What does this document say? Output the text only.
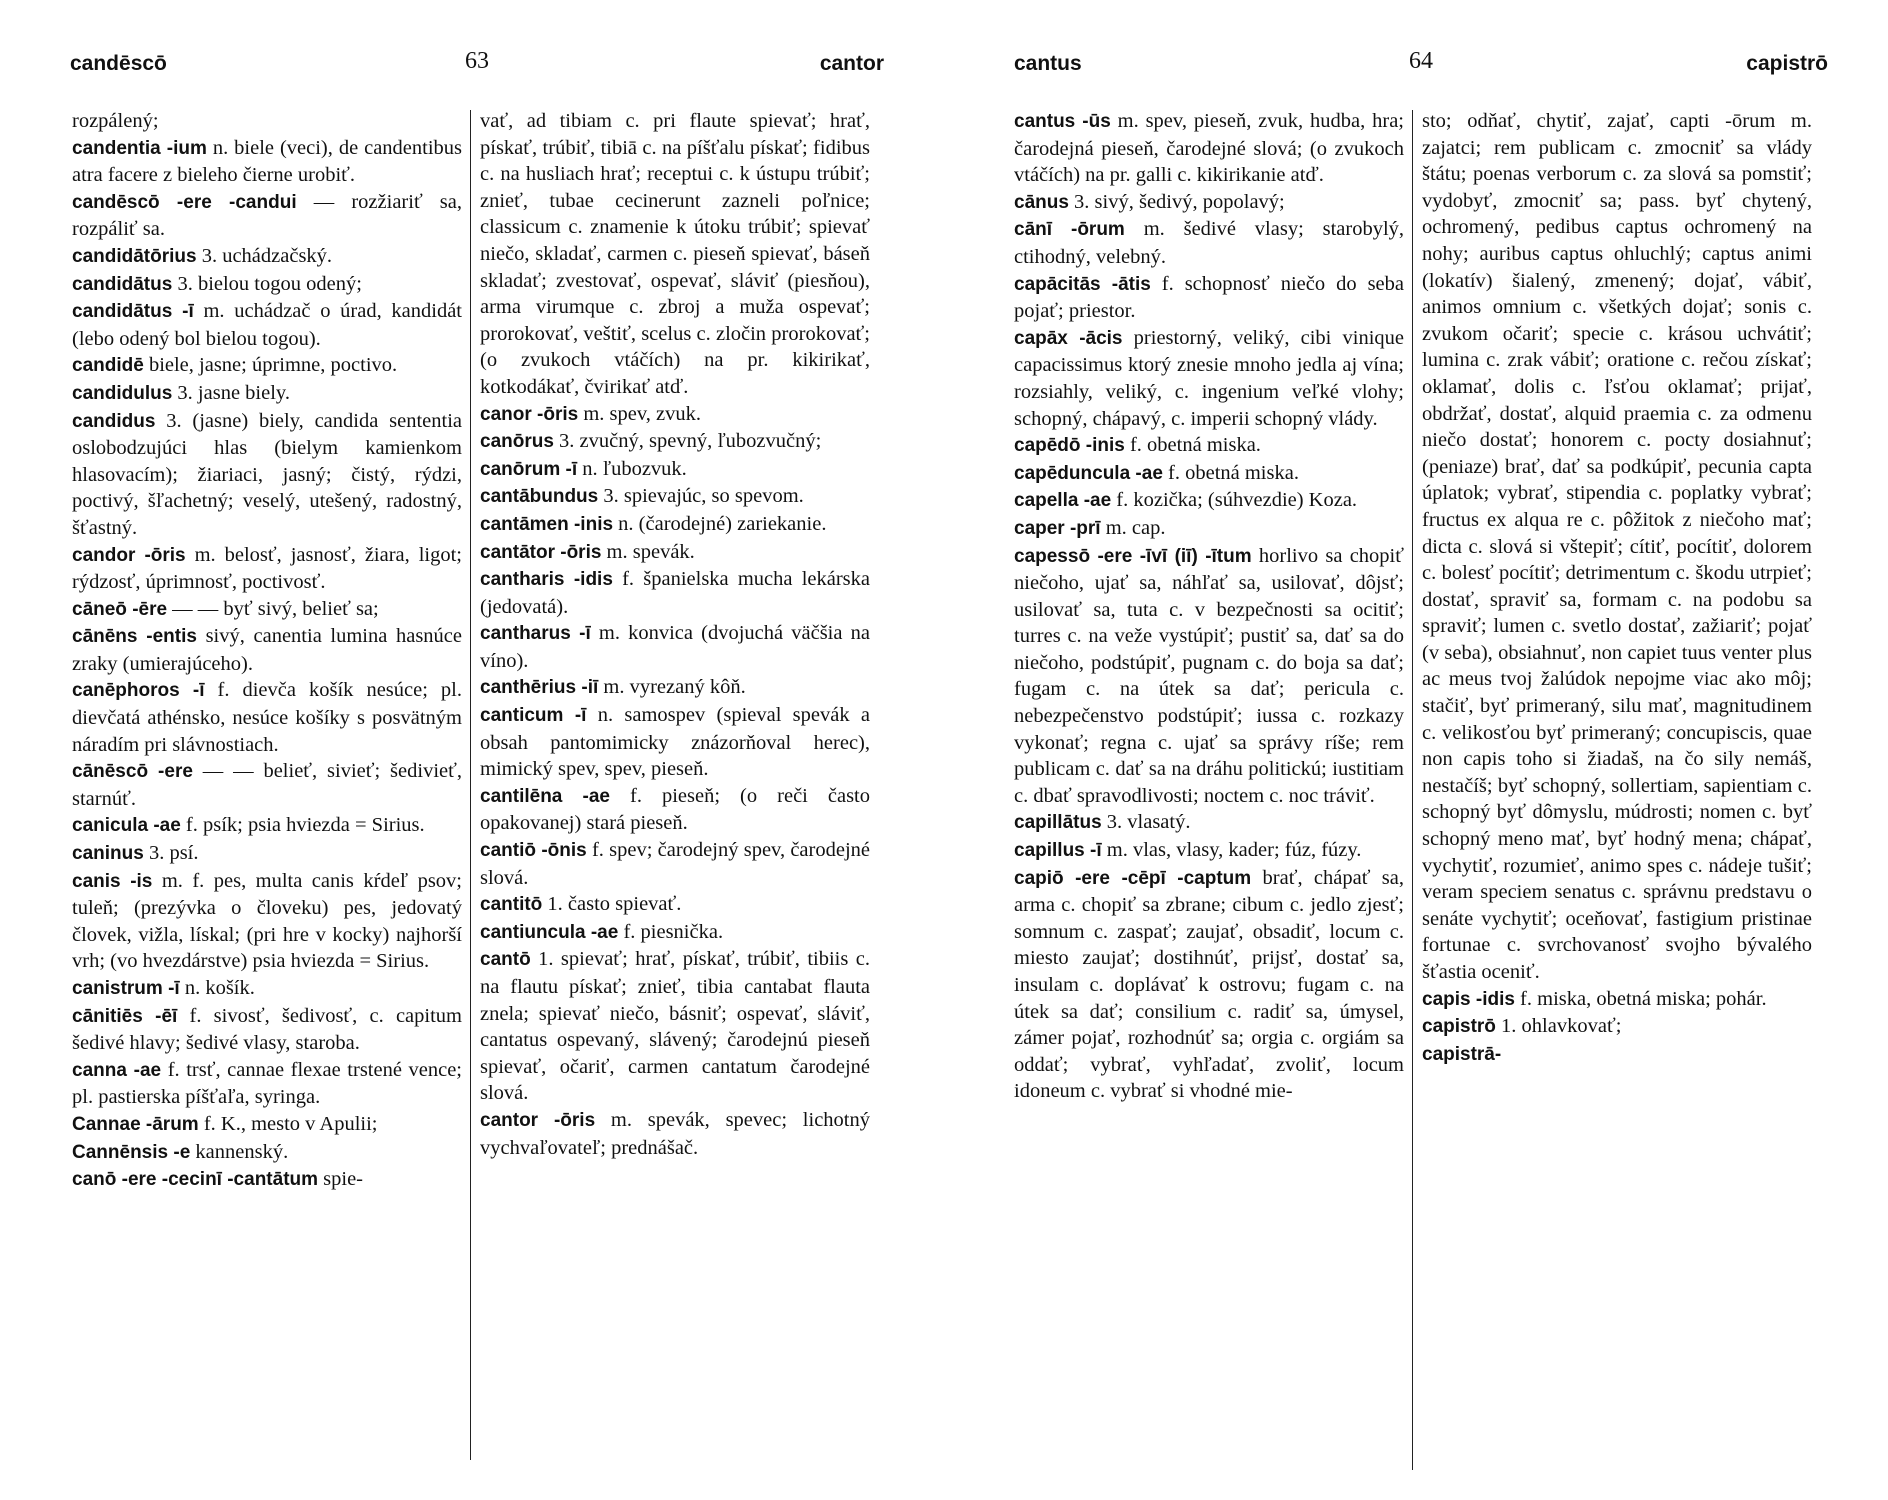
candēscō	63	cantor

rozpálený;

candentia -ium n. biele (veci), de candentibus atra facere z bieleho čierne urobiť.

candēscō -ere -candui — rozžiariť sa, rozpáliť sa.

candidātōrius 3. uchádzačský.

candidātus 3. bielou togou odený;

candidātus -ī m. uchádzač o úrad, kandidát (lebo odený bol bielou togou).

candidē biele, jasne; úprimne, poctivo.

candidulus 3. jasne biely.

candidus 3. (jasne) biely, candida sententia oslobodzujúci hlas (bielym kamienkom hlasovacím); žiariaci, jasný; čistý, rýdzi, poctivý, šľachetný; veselý, utešený, radostný, šťastný.

candor -ōris m. belosť, jasnosť, žiara, ligot; rýdzosť, úprimnosť, poctivosť.

cāneō -ēre — — byť sivý, belieť sa;

cānēns -entis sivý, canentia lumina hasnúce zraky (umierajúceho).

canēphoros -ī f. dievča košík nesúce; pl. dievčatá athénsko, nesúce košíky s posvätným náradím pri slávnostiach.

cānēscō -ere — — belieť, sivieť; šedivieť, starnúť.

canicula -ae f. psík; psia hviezda = Sirius.

caninus 3. psí.

canis -is m. f. pes, multa canis kŕdeľ psov; tuleň; (prezývka o človeku) pes, jedovatý človek, vižla, lískal; (pri hre v kocky) najhorší vrh; (vo hvezdárstve) psia hviezda = Sirius.

canistrum -ī n. košík.

cānitiēs -ēī f. sivosť, šedivosť, c. capitum šedivé hlavy; šedivé vlasy, staroba.

canna -ae f. trsť, cannae flexae trstené vence; pl. pastierska píšťaľa, syringa.

Cannae -ārum f. K., mesto v Apulii;

Cannēnsis -e kannenský.

canō -ere -cecinī -cantātum spie-

vať, ad tibiam c. pri flaute spievať; hrať, pískať, trúbiť, tibiā c. na píšťalu pískať; fidibus c. na husliach hrať; receptui c. k ústupu trúbiť; znieť, tubae cecinerunt zazneli poľnice; classicum c. znamenie k útoku trúbiť; spievať niečo, skladať, carmen c. pieseň spievať, báseň skladať; zvestovať, ospevať, sláviť (piesňou), arma virumque c. zbroj a muža ospevať; prorokovať, veštiť, scelus c. zločin prorokovať; (o zvukoch vtáčích) na pr. kikirikať, kotkodákať, čvirikať atď.

canor -ōris m. spev, zvuk.

canōrus 3. zvučný, spevný, ľubozvučný;

canōrum -ī n. ľubozvuk.

cantābundus 3. spievajúc, so spevom.

cantāmen -inis n. (čarodejné) zariekanie.

cantātor -ōris m. spevák.

cantharis -idis f. španielska mucha lekárska (jedovatá).

cantharus -ī m. konvica (dvojuchá väčšia na víno).

canthērius -iī m. vyrezaný kôň.

canticum -ī n. samospev (spieval spevák a obsah pantomimicky znázorňoval herec), mimický spev, spev, pieseň.

cantilēna -ae f. pieseň; (o reči často opakovanej) stará pieseň.

cantiō -ōnis f. spev; čarodejný spev, čarodejné slová.

cantitō 1. často spievať.

cantiuncula -ae f. piesnička.

cantō 1. spievať; hrať, pískať, trúbiť, tibiis c. na flautu pískať; znieť, tibia cantabat flauta znela; spievať niečo, básniť; ospevať, sláviť, cantatus ospevaný, slávený; čarodejnú pieseň spievať, očariť, carmen cantatum čarodejné slová.

cantor -ōris m. spevák, spevec; lichotný vychvaľovateľ; prednášač.

cantus	64	capistrō

cantus -ūs m. spev, pieseň, zvuk, hudba, hra; čarodejná pieseň, čarodejné slová; (o zvukoch vtáčích) na pr. galli c. kikirikanie atď.

cānus 3. sivý, šedivý, popolavý;

cānī -ōrum m. šedivé vlasy; starobylý, ctihodný, velebný.

capācitās -ātis f. schopnosť niečo do seba pojať; priestor.

capāx -ācis priestorný, veliký, cibi vinique capacissimus ktorý znesie mnoho jedla aj vína; rozsiahly, veliký, c. ingenium veľké vlohy; schopný, chápavý, c. imperii schopný vlády.

capēdō -inis f. obetná miska.

capēduncula -ae f. obetná miska.

capella -ae f. kozička; (súhvezdie) Koza.

caper -prī m. cap.

capessō -ere -īvī (iī) -ītum horlivo sa chopiť niečoho, ujať sa, náhľať sa, usilovať, dôjsť; usilovať sa, tuta c. v bezpečnosti sa ocitiť; turres c. na veže vystúpiť; pustiť sa, dať sa do niečoho, podstúpiť, pugnam c. do boja sa dať; fugam c. na útek sa dať; pericula c. nebezpečenstvo podstúpiť; iussa c. rozkazy vykonať; regna c. ujať sa správy ríše; rem publicam c. dať sa na dráhu politickú; iustitiam c. dbať spravodlivosti; noctem c. noc tráviť.

capillātus 3. vlasatý.

capillus -ī m. vlas, vlasy, kader; fúz, fúzy.

capiō -ere -cēpī -captum brať, chápať sa, arma c. chopiť sa zbrane; cibum c. jedlo zjesť; somnum c. zaspať; zaujať, obsadiť, locum c. miesto zaujať; dostihnúť, prijsť, dostať sa, insulam c. doplávať k ostrovu; fugam c. na útek sa dať; consilium c. radiť sa, úmysel, zámer pojať, rozhodnúť sa; orgia c. orgiám sa oddať; vybrať, vyhľadať, zvoliť, locum idoneum c. vybrať si vhodné mie-

sto; odňať, chytiť, zajať, capti -ōrum m. zajatci; rem publicam c. zmocniť sa vlády štátu; poenas verborum c. za slová sa pomstiť; vydobyť, zmocniť sa; pass. byť chytený, ochromený, pedibus captus ochromený na nohy; auribus captus ohluchlý; captus animi (lokatív) šialený, zmenený; dojať, vábiť, animos omnium c. všetkých dojať; sonis c. zvukom očariť; specie c. krásou uchvátiť; lumina c. zrak vábiť; oratione c. rečou získať; oklamať, dolis c. ľsťou oklamať; prijať, obdržať, dostať, alquid praemia c. za odmenu niečo dostať; honorem c. pocty dosiahnuť; (peniaze) brať, dať sa podkúpiť, pecunia capta úplatok; vybrať, stipendia c. poplatky vybrať; fructus ex alqua re c. pôžitok z niečoho mať; dicta c. slová si vštepiť; cítiť, pocítiť, dolorem c. bolesť pocítiť; detrimentum c. škodu utrpieť; dostať, spraviť sa, formam c. na podobu sa spraviť; lumen c. svetlo dostať, zažiariť; pojať (v seba), obsiahnuť, non capiet tuus venter plus ac meus tvoj žalúdok nepojme viac ako môj; stačiť, byť primeraný, silu mať, magnitudinem c. velikosťou byť primeraný; concupiscis, quae non capis toho si žiadaš, na čo sily nemáš, nestačíš; byť schopný, sollertiam, sapientiam c. schopný byť dômyslu, múdrosti; nomen c. byť schopný meno mať, byť hodný mena; chápať, vychytiť, rozumieť, animo spes c. nádeje tušiť; veram speciem senatus c. správnu predstavu o senáte vychytiť; oceňovať, fastigium pristinae fortunae c. svrchovanosť svojho bývalého šťastia oceniť.

capis -idis f. miska, obetná miska; pohár.

capistrō 1. ohlavkovať;

capistrā-
